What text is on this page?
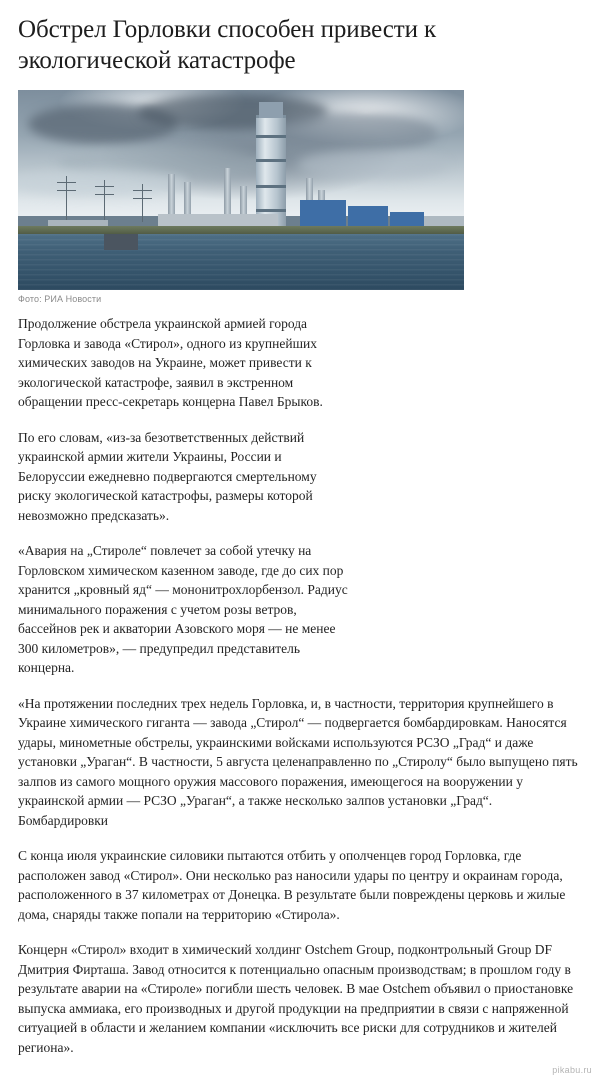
Обстрел Горловки способен привести к экологической катастрофе
Фото: РИА Новости

Продолжение обстрела украинской армией города Горловка и завода «Стирол», одного из крупнейших химических заводов на Украине, может привести к экологической катастрофе, заявил в экстренном обращении пресс-секретарь концерна Павел Брыков.

По его словам, «из-за безответственных действий украинской армии жители Украины, России и Белоруссии ежедневно подвергаются смертельному риску экологической катастрофы, размеры которой невозможно предсказать».

«Авария на „Стироле“ повлечет за собой утечку на Горловском химическом казенном заводе, где до сих пор хранится „кровный яд“ — мононитрохлорбензол. Радиус минимального поражения с учетом розы ветров, бассейнов рек и акватории Азовского моря — не менее 300 километров», — предупредил представитель концерна.

«На протяжении последних трех недель Горловка, и, в частности, территория крупнейшего в Украине химического гиганта — завода „Стирол“ — подвергается бомбардировкам. Наносятся удары, минометные обстрелы, украинскими войсками используются РСЗО „Град“ и даже установки „Ураган“. В частности, 5 августа целенаправленно по „Стиролу“ было выпущено пять залпов из самого мощного оружия массового поражения, имеющегося на вооружении у украинской армии — РСЗО „Ураган“, а также несколько залпов установки „Град“. Бомбардировки

С конца июля украинские силовики пытаются отбить у ополченцев город Горловка, где расположен завод «Стирол». Они несколько раз наносили удары по центру и окраинам города, расположенного в 37 километрах от Донецка. В результате были повреждены церковь и жилые дома, снаряды также попали на территорию «Стирола».

Концерн «Стирол» входит в химический холдинг Ostchem Group, подконтрольный Group DF Дмитрия Фирташа. Завод относится к потенциально опасным производствам; в прошлом году в результате аварии на «Стироле» погибли шесть человек. В мае Ostchem объявил о приостановке выпуска аммиака, его производных и другой продукции на предприятии в связи с напряженной ситуацией в области и желанием компании «исключить все риски для сотрудников и жителей региона».

pikabu.ru
